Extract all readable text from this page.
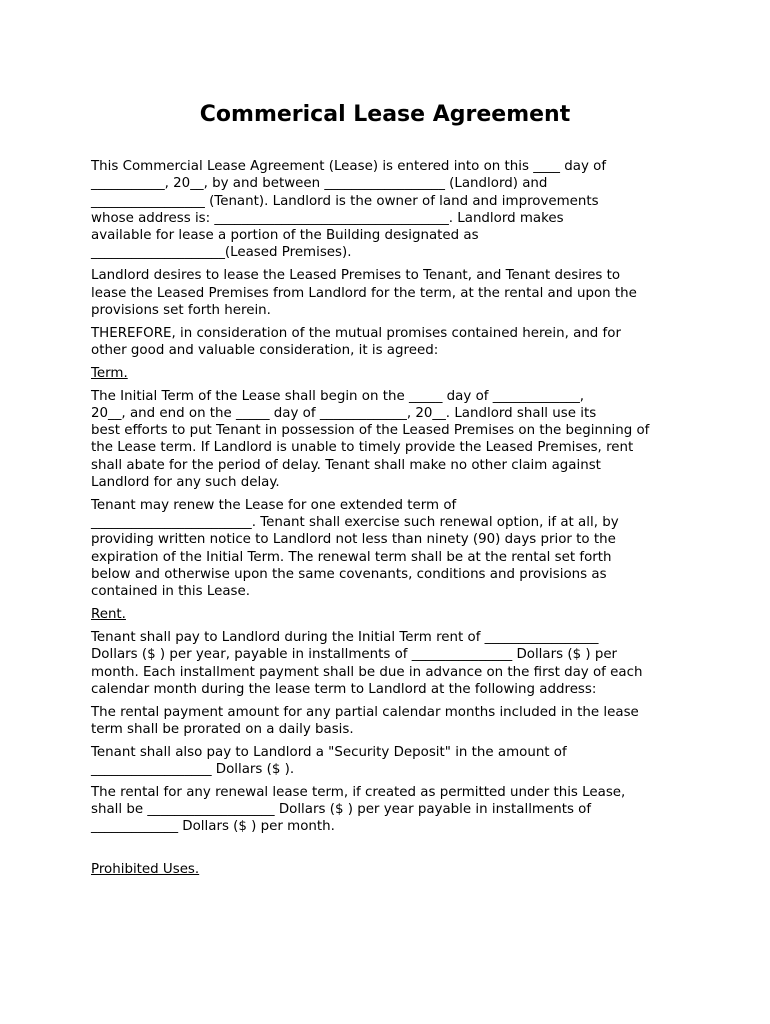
Commerical Lease Agreement

This Commercial Lease Agreement (Lease) is entered into on this ____ day of
___________, 20__, by and between __________________ (Landlord) and
_________________ (Tenant). Landlord is the owner of land and improvements
whose address is: ___________________________________. Landlord makes
available for lease a portion of the Building designated as
____________________(Leased Premises).

Landlord desires to lease the Leased Premises to Tenant, and Tenant desires to
lease the Leased Premises from Landlord for the term, at the rental and upon the
provisions set forth herein.

THEREFORE, in consideration of the mutual promises contained herein, and for
other good and valuable consideration, it is agreed:

Term.

The Initial Term of the Lease shall begin on the _____ day of _____________,
20__, and end on the _____ day of _____________, 20__. Landlord shall use its
best efforts to put Tenant in possession of the Leased Premises on the beginning of
the Lease term. If Landlord is unable to timely provide the Leased Premises, rent
shall abate for the period of delay. Tenant shall make no other claim against
Landlord for any such delay.

Tenant may renew the Lease for one extended term of
________________________. Tenant shall exercise such renewal option, if at all, by
providing written notice to Landlord not less than ninety (90) days prior to the
expiration of the Initial Term. The renewal term shall be at the rental set forth
below and otherwise upon the same covenants, conditions and provisions as
contained in this Lease.

Rent.

Tenant shall pay to Landlord during the Initial Term rent of _________________
Dollars ($ ) per year, payable in installments of _______________ Dollars ($ ) per
month. Each installment payment shall be due in advance on the first day of each
calendar month during the lease term to Landlord at the following address:

The rental payment amount for any partial calendar months included in the lease
term shall be prorated on a daily basis.

Tenant shall also pay to Landlord a "Security Deposit" in the amount of
__________________ Dollars ($ ).

The rental for any renewal lease term, if created as permitted under this Lease,
shall be ___________________ Dollars ($ ) per year payable in installments of
_____________ Dollars ($ ) per month.

Prohibited Uses.
